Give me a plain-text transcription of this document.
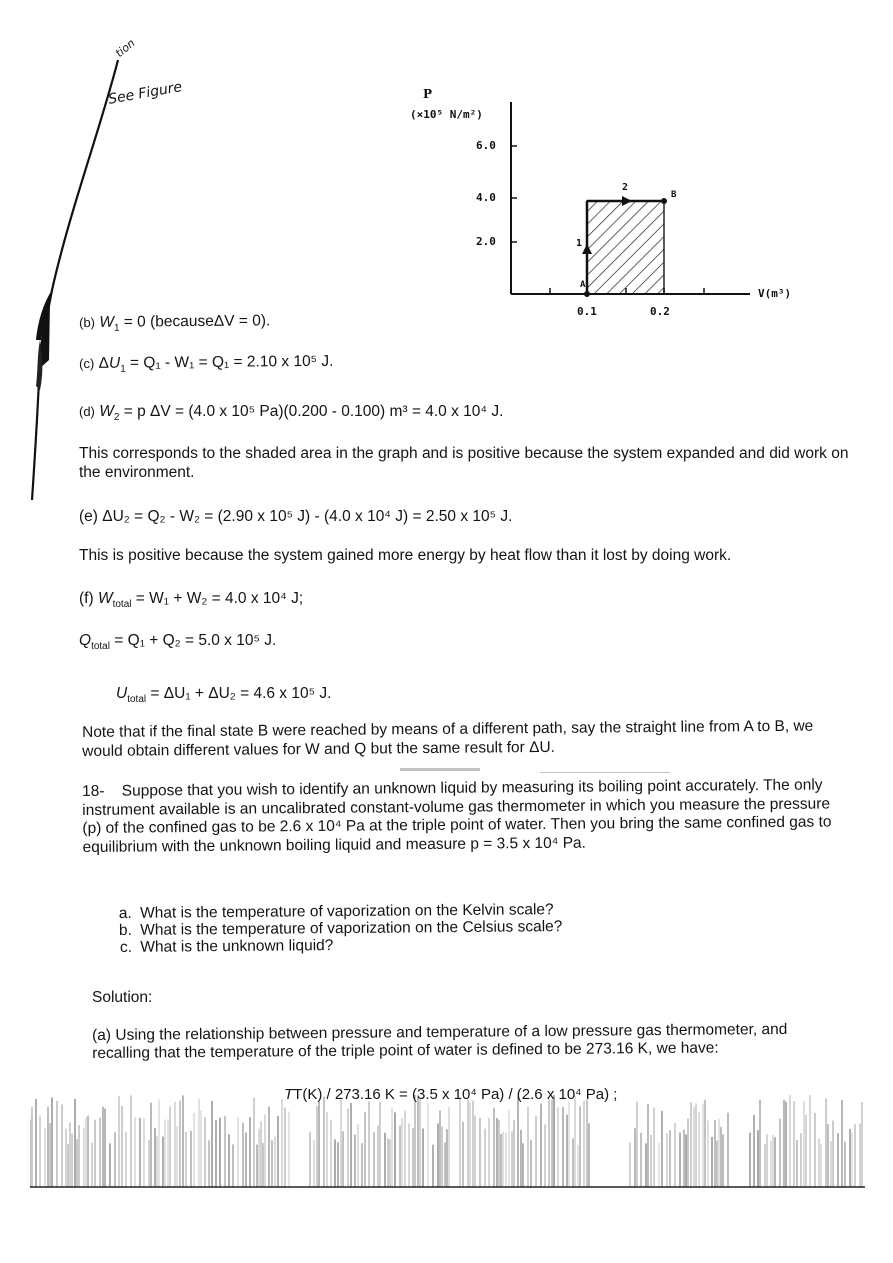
tion
See Figure	P
(×10⁵ N/m²)
6.0
4.0
2.0
0.1	0.2
V(m³)
A
B
1
2
(b) $W_1 = 0$ (becauseΔV = 0).
(c) $\Delta U_1 = Q_1 - W_1 = Q_1 = 2.10$ x 10⁵ J.
(d) $W_2 = p$ ΔV = (4.0 x 10⁵ Pa)(0.200 - 0.100) m³ = 4.0 x 10⁴ J.
This corresponds to the shaded area in the graph and is positive because the system expanded and did work on the environment.
(e) ΔU₂ = Q₂ - W₂ = (2.90 x 10⁵ J) - (4.0 x 10⁴ J) = 2.50 x 10⁵ J.
This is positive because the system gained more energy by heat flow than it lost by doing work.
(f) $W_{total} = W_1 + W_2 = 4.0$ x 10⁴ J;
$Q_{total} = Q_1 + Q_2 = 5.0$ x 10⁵ J.
$U_{total} = \Delta U_1 + \Delta U_2 = 4.6$ x 10⁵ J.
Note that if the final state B were reached by means of a different path, say the straight line from A to B, we would obtain different values for W and Q but the same result for ΔU.
18- Suppose that you wish to identify an unknown liquid by measuring its boiling point accurately. The only instrument available is an uncalibrated constant-volume gas thermometer in which you measure the pressure (p) of the confined gas to be 2.6 x 10⁴ Pa at the triple point of water. Then you bring the same confined gas to equilibrium with the unknown boiling liquid and measure p = 3.5 x 10⁴ Pa.
a. What is the temperature of vaporization on the Kelvin scale?
b. What is the temperature of vaporization on the Celsius scale?
c. What is the unknown liquid?
Solution:
(a) Using the relationship between pressure and temperature of a low pressure gas thermometer, and recalling that the temperature of the triple point of water is defined to be 273.16 K, we have:
TT(K) / 273.16 K = (3.5 x 10⁴ Pa) / (2.6 x 10⁴ Pa) ;
